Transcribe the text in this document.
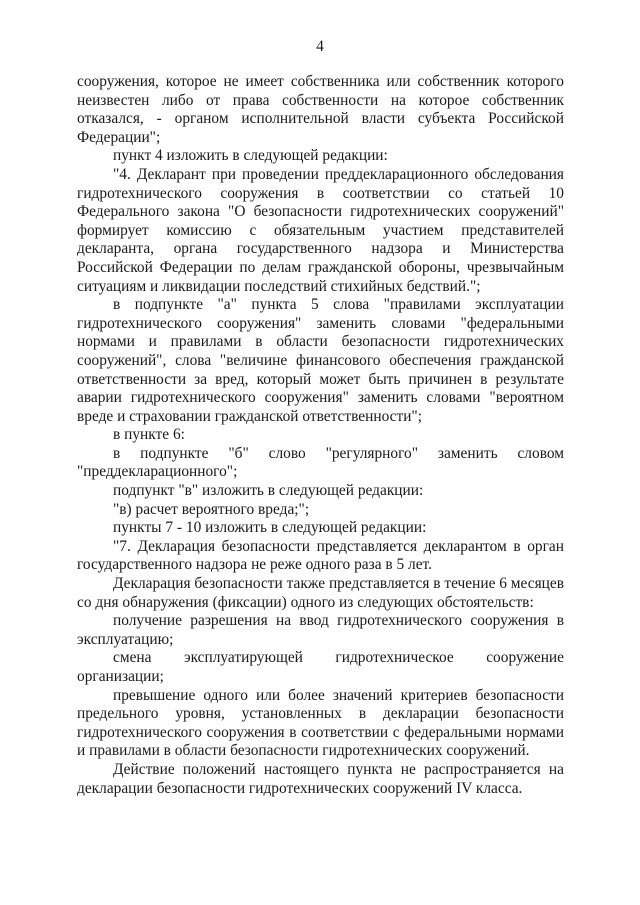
4

сооружения, которое не имеет собственника или собственник которого неизвестен либо от права собственности на которое собственник отказался, - органом исполнительной власти субъекта Российской Федерации";

пункт 4 изложить в следующей редакции:

"4. Декларант при проведении преддекларационного обследования гидротехнического сооружения в соответствии со статьей 10 Федерального закона "О безопасности гидротехнических сооружений" формирует комиссию с обязательным участием представителей декларанта, органа государственного надзора и Министерства Российской Федерации по делам гражданской обороны, чрезвычайным ситуациям и ликвидации последствий стихийных бедствий.";

в подпункте "а" пункта 5 слова "правилами эксплуатации гидротехнического сооружения" заменить словами "федеральными нормами и правилами в области безопасности гидротехнических сооружений", слова "величине финансового обеспечения гражданской ответственности за вред, который может быть причинен в результате аварии гидротехнического сооружения" заменить словами "вероятном вреде и страховании гражданской ответственности";

в пункте 6:

в подпункте "б" слово "регулярного" заменить словом "преддекларационного";

подпункт "в" изложить в следующей редакции:

"в) расчет вероятного вреда;";

пункты 7 - 10 изложить в следующей редакции:

"7. Декларация безопасности представляется декларантом в орган государственного надзора не реже одного раза в 5 лет.

Декларация безопасности также представляется в течение 6 месяцев со дня обнаружения (фиксации) одного из следующих обстоятельств:

получение разрешения на ввод гидротехнического сооружения в эксплуатацию;

смена эксплуатирующей гидротехническое сооружение организации;

превышение одного или более значений критериев безопасности предельного уровня, установленных в декларации безопасности гидротехнического сооружения в соответствии с федеральными нормами и правилами в области безопасности гидротехнических сооружений.

Действие положений настоящего пункта не распространяется на декларации безопасности гидротехнических сооружений IV класса.
